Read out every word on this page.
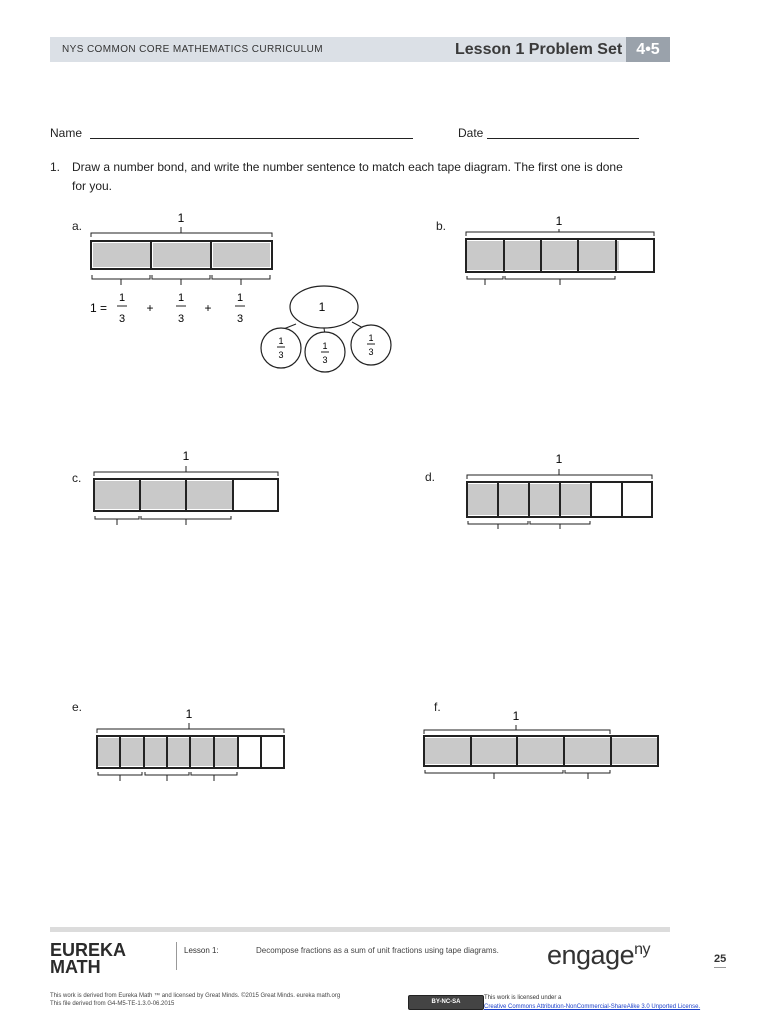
NYS COMMON CORE MATHEMATICS CURRICULUM	Lesson 1 Problem Set 4•5
Name	Date
1. Draw a number bond, and write the number sentence to match each tape diagram. The first one is done
for you.
a.	b.
c.	d.
e.	f.
1
1 =
1
3
+
1
3
+
1
3
1
1
3
1
3
1
3
1
1	1
1	1
EUREKA
MATH
Lesson 1:	Decompose fractions as a sum of unit fractions using tape diagrams. engage$^{ny}$
25
This work is derived from Eureka Math ™ and licensed by Great Minds. ©2015 Great Minds. eureka math.org
This file derived from G4-M5-TE-1.3.0-06.2015	BY-NC-SA
This work is licensed under a
Creative Commons Attribution-NonCommercial-ShareAlike 3.0 Unported License.
